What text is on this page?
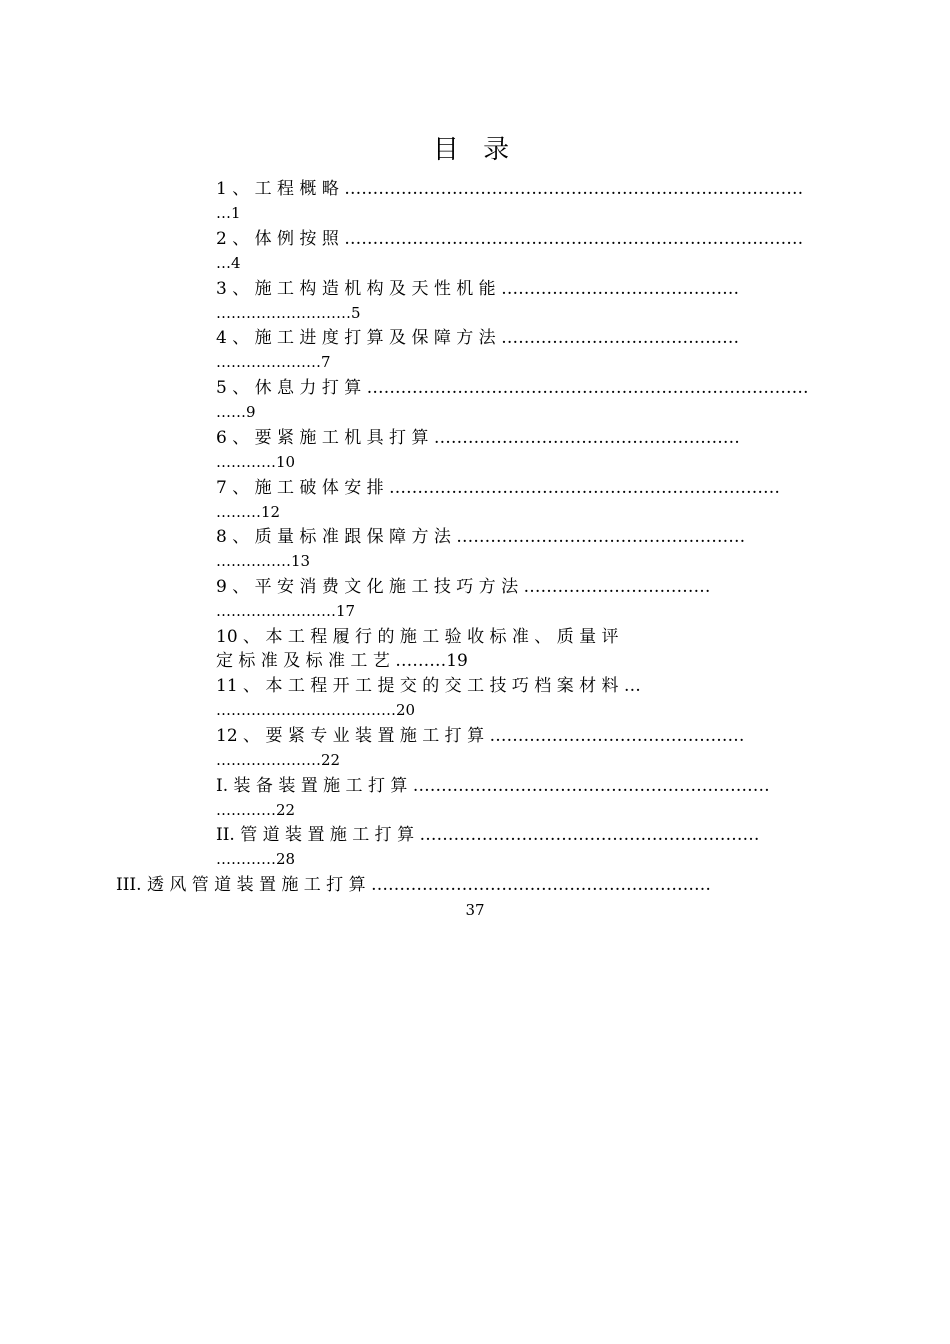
目 录
1 、 工 程 概 略 ………………………………………………………………………
…1
2 、 体 例 按 照 ………………………………………………………………………
…4
3 、 施 工 构 造 机 构 及 天 性 机 能 ……………………………………
………………………5
4 、 施 工 进 度 打 算 及 保 障 方 法 ……………………………………
…………………7
5 、 休 息 力 打 算 ……………………………………………………………………
……9
6 、 要 紧 施 工 机 具 打 算 ………………………………………………
…………10
7 、 施 工 破 体 安 排 ……………………………………………………………
………12
8 、 质 量 标 准 跟 保 障 方 法 ……………………………………………
……………13
9 、 平 安 消 费 文 化 施 工 技 巧 方 法 ……………………………
……………………17
10 、 本 工 程 履 行 的 施 工 验 收 标 准 、 质 量 评
定 标 准 及 标 准 工 艺 ………19
11 、 本 工 程 开 工 提 交 的 交 工 技 巧 档 案 材 料 …
………………………………20
12 、 要 紧 专 业 装 置 施 工 打 算 ………………………………………
…………………22
I. 装 备 装 置 施 工 打 算 ………………………………………………………
…………22
II. 管 道 装 置 施 工 打 算 ……………………………………………………
…………28
III. 透 风 管 道 装 置 施 工 打 算 ……………………………………………………
37
